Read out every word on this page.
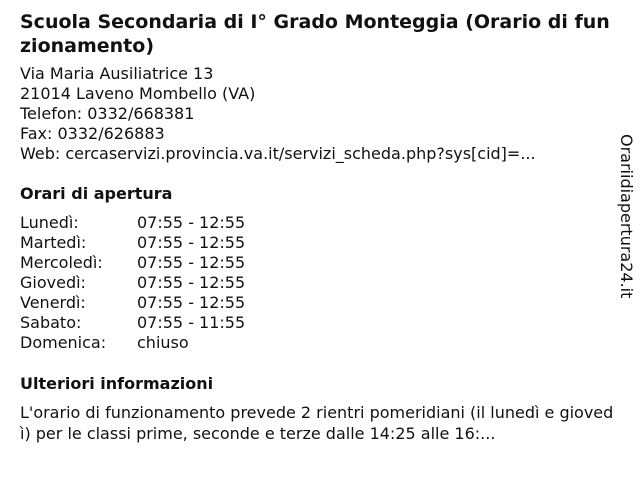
Scuola Secondaria di I° Grado Monteggia (Orario di funzionamento)
Via Maria Ausiliatrice 13
21014 Laveno Mombello (VA)
Telefon: 0332/668381
Fax: 0332/626883
Web: cercaservizi.provincia.va.it/servizi_scheda.php?sys[cid]=...
Orari di apertura
Lunedì:	07:55 - 12:55
Martedì:	07:55 - 12:55
Mercoledì:	07:55 - 12:55
Giovedì:	07:55 - 12:55
Venerdì:	07:55 - 12:55
Sabato:	07:55 - 11:55
Domenica:	chiuso
Ulteriori informazioni
L'orario di funzionamento prevede 2 rientri pomeridiani (il lunedì e giovedì) per le classi prime, seconde e terze dalle 14:25 alle 16:...
Orariidiapertura24.it
